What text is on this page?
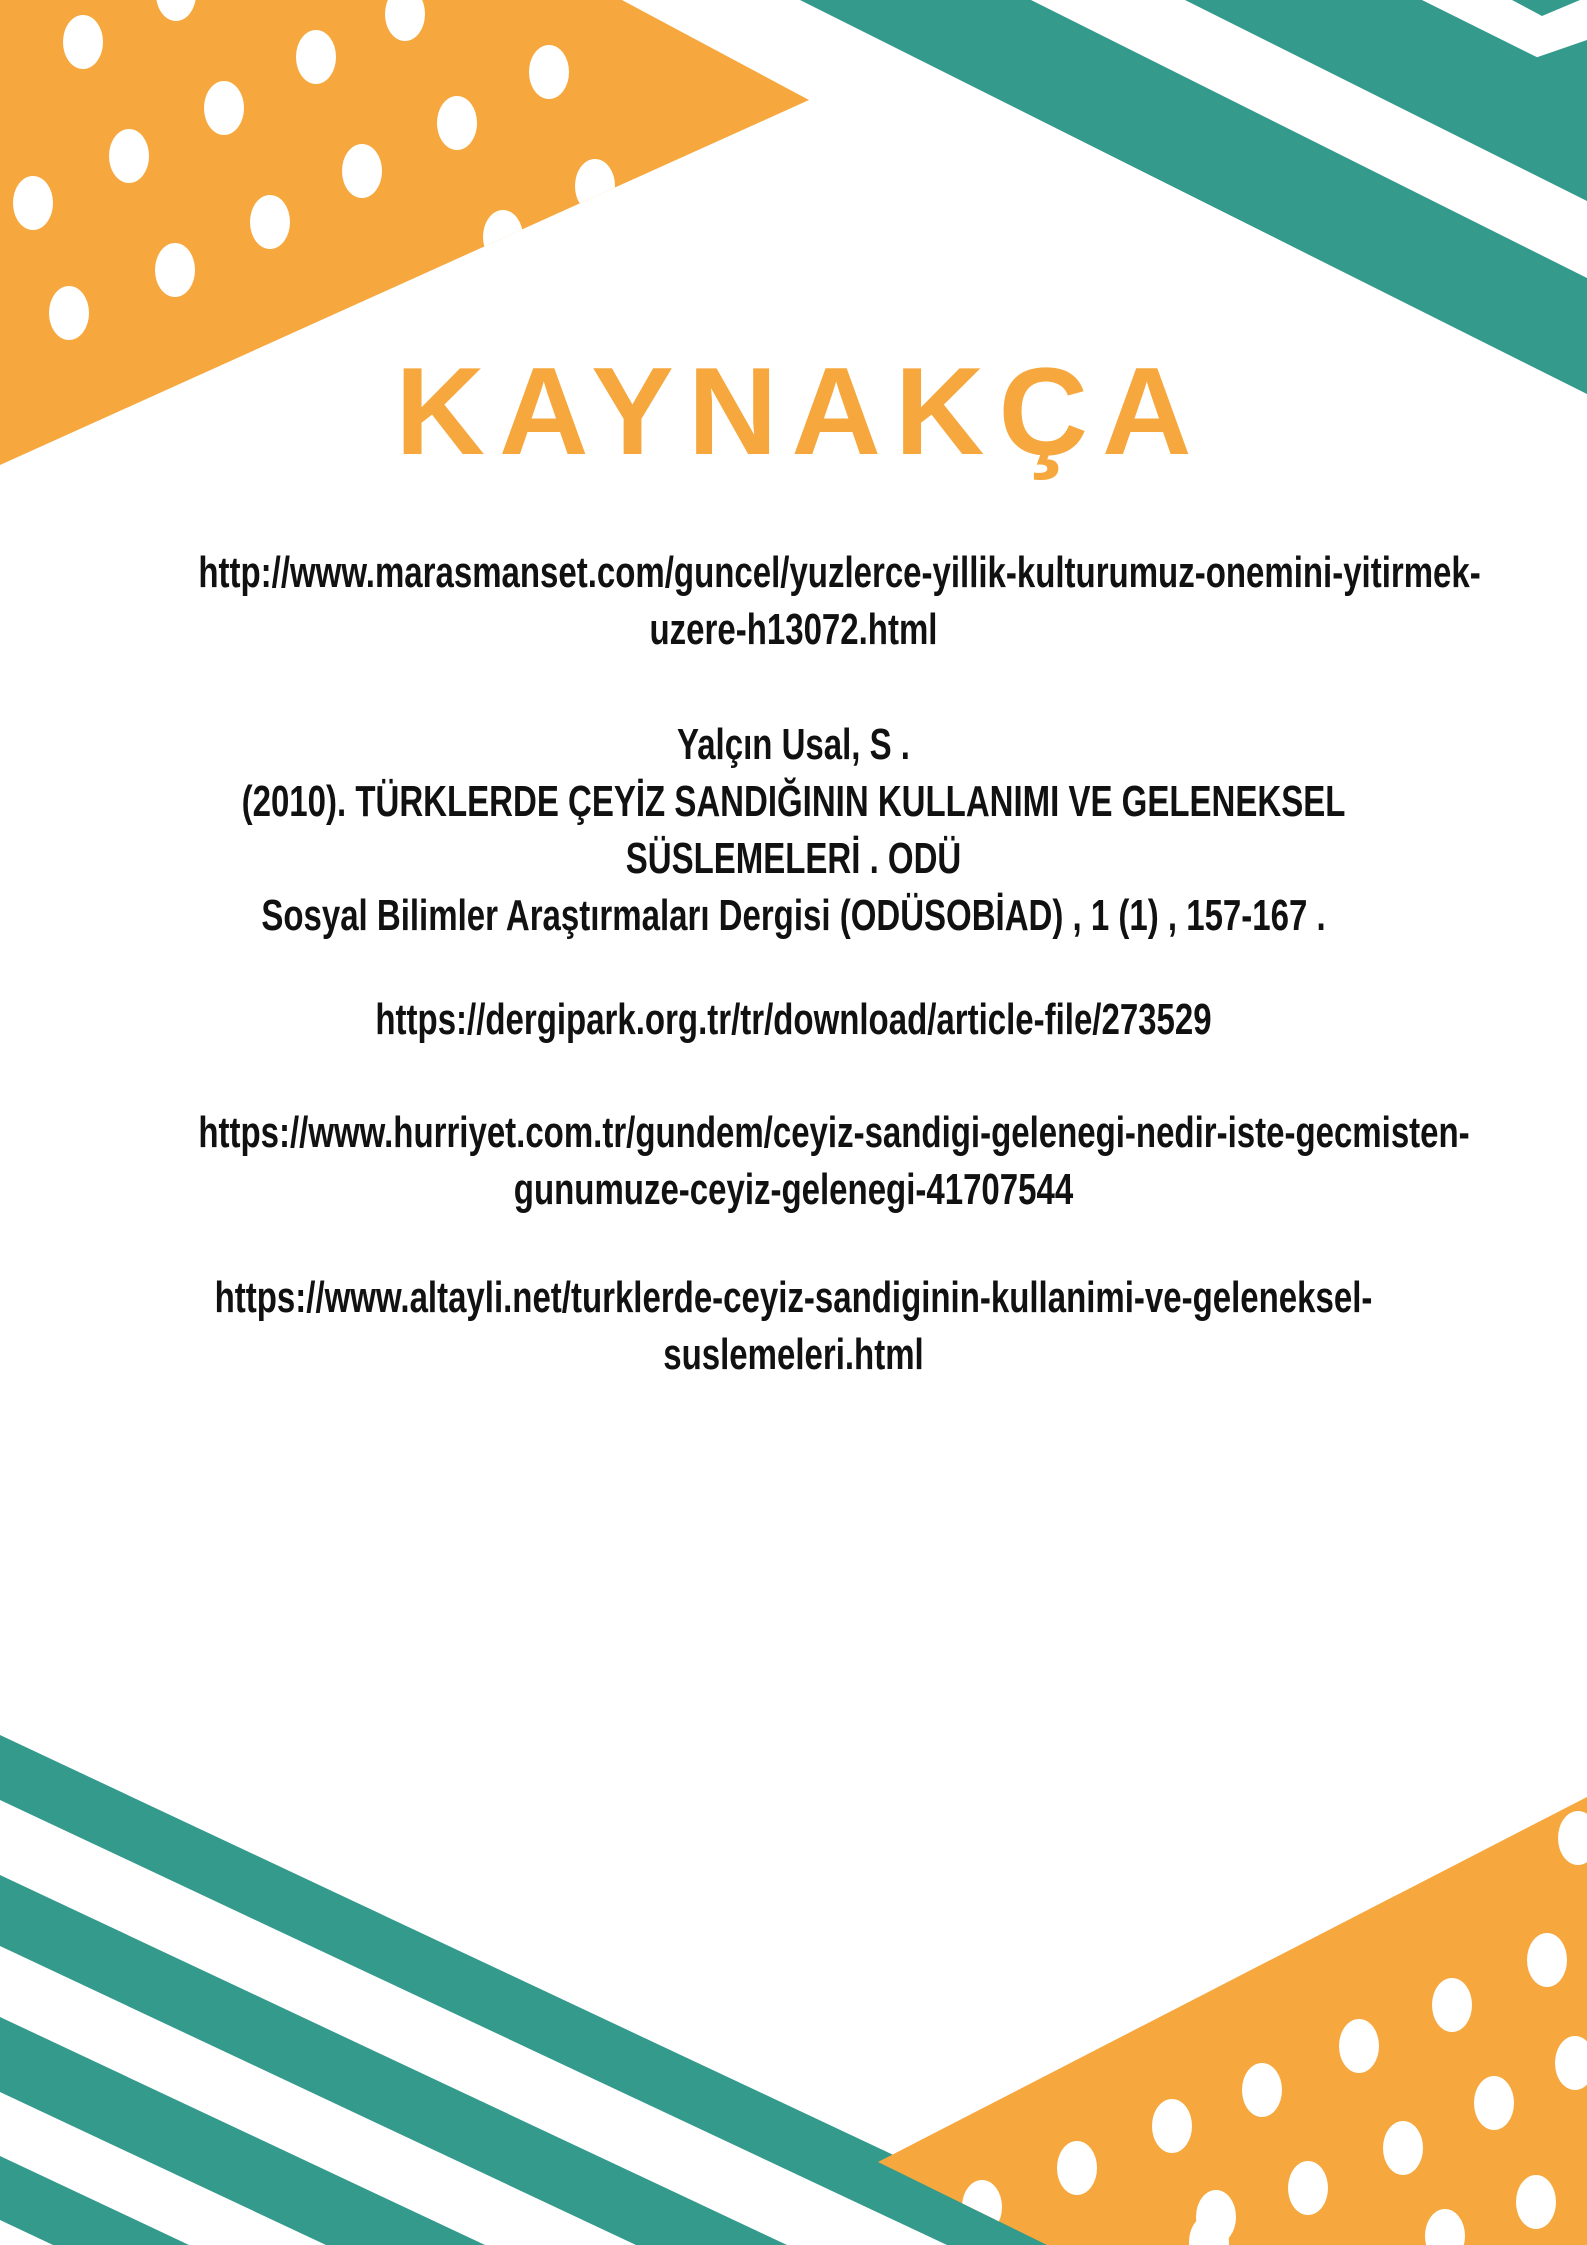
KAYNAKÇA
http://www.marasmanset.com/guncel/yuzlerce-yillik-kulturumuz-onemini-yitirmek-
uzere-h13072.html
Yalçın Usal, S .
(2010). TÜRKLERDE ÇEYİZ SANDIĞININ KULLANIMI VE GELENEKSEL
SÜSLEMELERİ . ODÜ
Sosyal Bilimler Araştırmaları Dergisi (ODÜSOBİAD) , 1 (1) , 157-167 .
https://dergipark.org.tr/tr/download/article-file/273529
https://www.hurriyet.com.tr/gundem/ceyiz-sandigi-gelenegi-nedir-iste-gecmisten-
gunumuze-ceyiz-gelenegi-41707544
https://www.altayli.net/turklerde-ceyiz-sandiginin-kullanimi-ve-geleneksel-
suslemeleri.html
